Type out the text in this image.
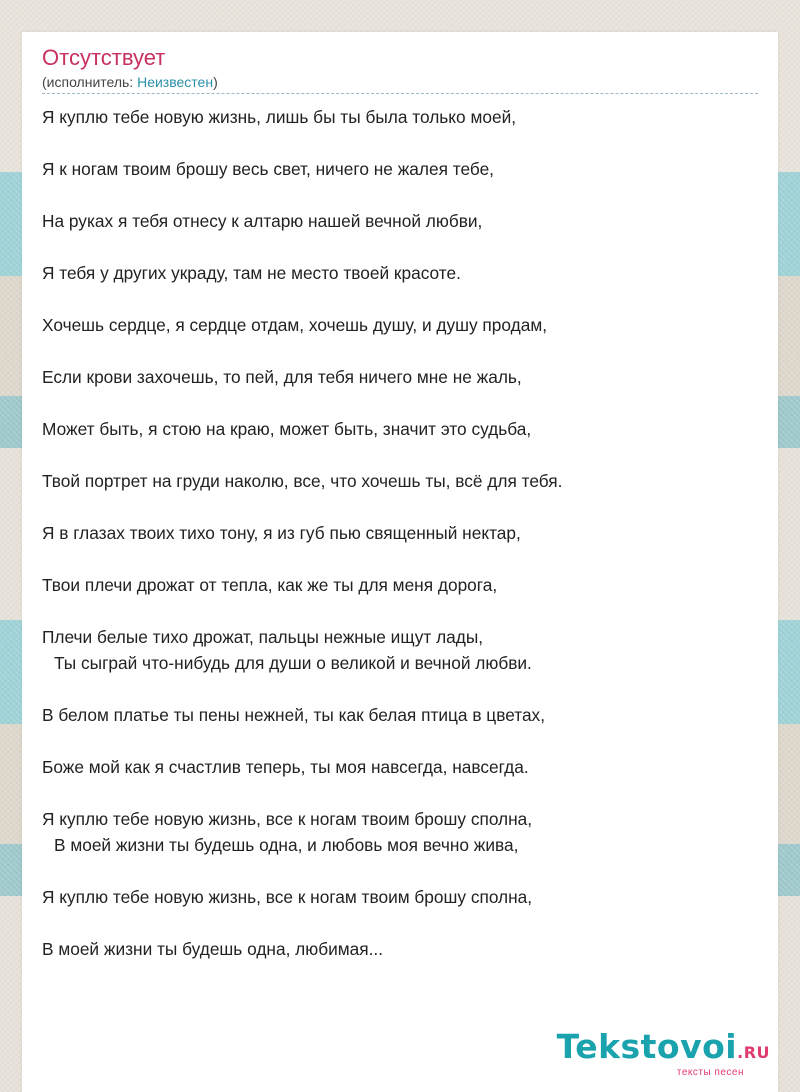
Отсутствует
(исполнитель: Неизвестен)
Я куплю тебе новую жизнь, лишь бы ты была только моей,
Я к ногам твоим брошу весь свет, ничего не жалея тебе,
На руках я тебя отнесу к алтарю нашей вечной любви,
Я тебя у других украду, там не место твоей красоте.
Хочешь сердце, я сердце отдам, хочешь душу, и душу продам,
Если крови захочешь, то пей, для тебя ничего мне не жаль,
Может быть, я стою на краю, может быть, значит это судьба,
Твой портрет на груди наколю, все, что хочешь ты, всё для тебя.
Я в глазах твоих тихо тону, я из губ пью священный нектар,
Твои плечи дрожат от тепла, как же ты для меня дорога,
Плечи белые тихо дрожат, пальцы нежные ищут лады,
Ты сыграй что-нибудь для души о великой и вечной любви.
В белом платье ты пены нежней, ты как белая птица в цветах,
Боже мой как я счастлив теперь, ты моя навсегда, навсегда.
Я куплю тебе новую жизнь, все к ногам твоим брошу сполна,
В моей жизни ты будешь одна, и любовь моя вечно жива,
Я куплю тебе новую жизнь, все к ногам твоим брошу сполна,
В моей жизни ты будешь одна, любимая...
Tekstovoi.RU
тексты песен
